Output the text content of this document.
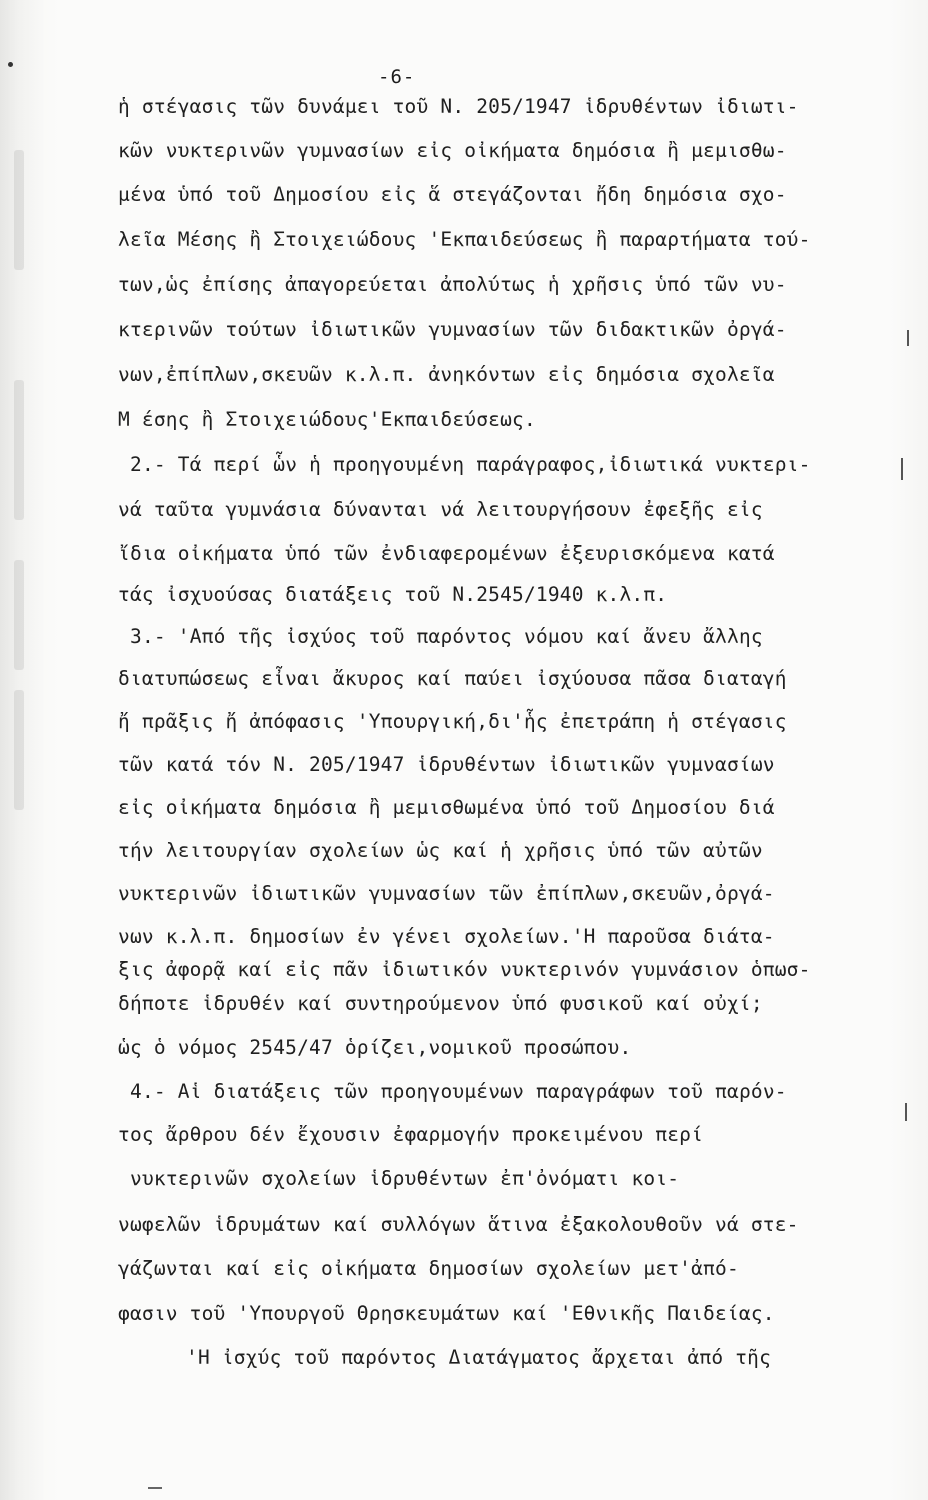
-6-
ἡ στέγασις τῶν δυνάμει τοῦ Ν. 205/1947 ἱδρυθέντων ἰδιωτι-
κῶν νυκτερινῶν γυμνασίων εἰς οἰκήματα δημόσια ἢ μεμισθω-
μένα ὑπό τοῦ Δημοσίου εἰς ἅ στεγάζονται ἤδη δημόσια σχο-
λεῖα Μέσης ἢ Στοιχειώδους 'Εκπαιδεύσεως ἢ παραρτήματα τού-
των,ὡς ἐπίσης ἀπαγορεύεται ἀπολύτως ἡ χρῆσις ὑπό τῶν νυ-
κτερινῶν τούτων ἰδιωτικῶν γυμνασίων τῶν διδακτικῶν ὀργά-
νων,ἐπίπλων,σκευῶν κ.λ.π. ἀνηκόντων εἰς δημόσια σχολεῖα
Μ έσης ἢ Στοιχειώδους'Εκπαιδεύσεως.
2.- Τά περί ὧν ἡ προηγουμένη παράγραφος,ἰδιωτικά νυκτερι-
νά ταῦτα γυμνάσια δύνανται νά λειτουργήσουν ἐφεξῆς εἰς
ἴδια οἰκήματα ὑπό τῶν ἐνδιαφερομένων ἐξευρισκόμενα κατά
τάς ἰσχυούσας διατάξεις τοῦ Ν.2545/1940 κ.λ.π.
3.- 'Από τῆς ἰσχύος τοῦ παρόντος νόμου καί ἄνευ ἄλλης
διατυπώσεως εἶναι ἄκυρος καί παύει ἰσχύουσα πᾶσα διαταγή
ἤ πρᾶξις ἤ ἀπόφασις 'Υπουργική,δι'ἧς ἐπετράπη ἡ στέγασις
τῶν κατά τόν Ν. 205/1947 ἱδρυθέντων ἰδιωτικῶν γυμνασίων
εἰς οἰκήματα δημόσια ἢ μεμισθωμένα ὑπό τοῦ Δημοσίου διά
τήν λειτουργίαν σχολείων ὡς καί ἡ χρῆσις ὑπό τῶν αὐτῶν
νυκτερινῶν ἰδιωτικῶν γυμνασίων τῶν ἐπίπλων,σκευῶν,ὀργά-
νων κ.λ.π. δημοσίων ἐν γένει σχολείων.'Η παροῦσα διάτα-
ξις ἀφορᾷ καί εἰς πᾶν ἰδιωτικόν νυκτερινόν γυμνάσιον ὁπωσ-
δήποτε ἱδρυθέν καί συντηρούμενον ὑπό φυσικοῦ καί οὐχί;
ὡς ὁ νόμος 2545/47 ὁρίζει,νομικοῦ προσώπου.
4.- Αἱ διατάξεις τῶν προηγουμένων παραγράφων τοῦ παρόν-
τος ἄρθρου δέν ἔχουσιν ἐφαρμογήν προκειμένου περί
νυκτερινῶν σχολείων ἱδρυθέντων ἐπ'ὀνόματι κοι-
νωφελῶν ἱδρυμάτων καί συλλόγων ἅτινα ἐξακολουθοῦν νά στε-
γάζωνται καί εἰς οἰκήματα δημοσίων σχολείων μετ'ἀπό-
φασιν τοῦ 'Υπουργοῦ Θρησκευμάτων καί 'Εθνικῆς Παιδείας.
'Η ἰσχύς τοῦ παρόντος Διατάγματος ἄρχεται ἀπό τῆς
